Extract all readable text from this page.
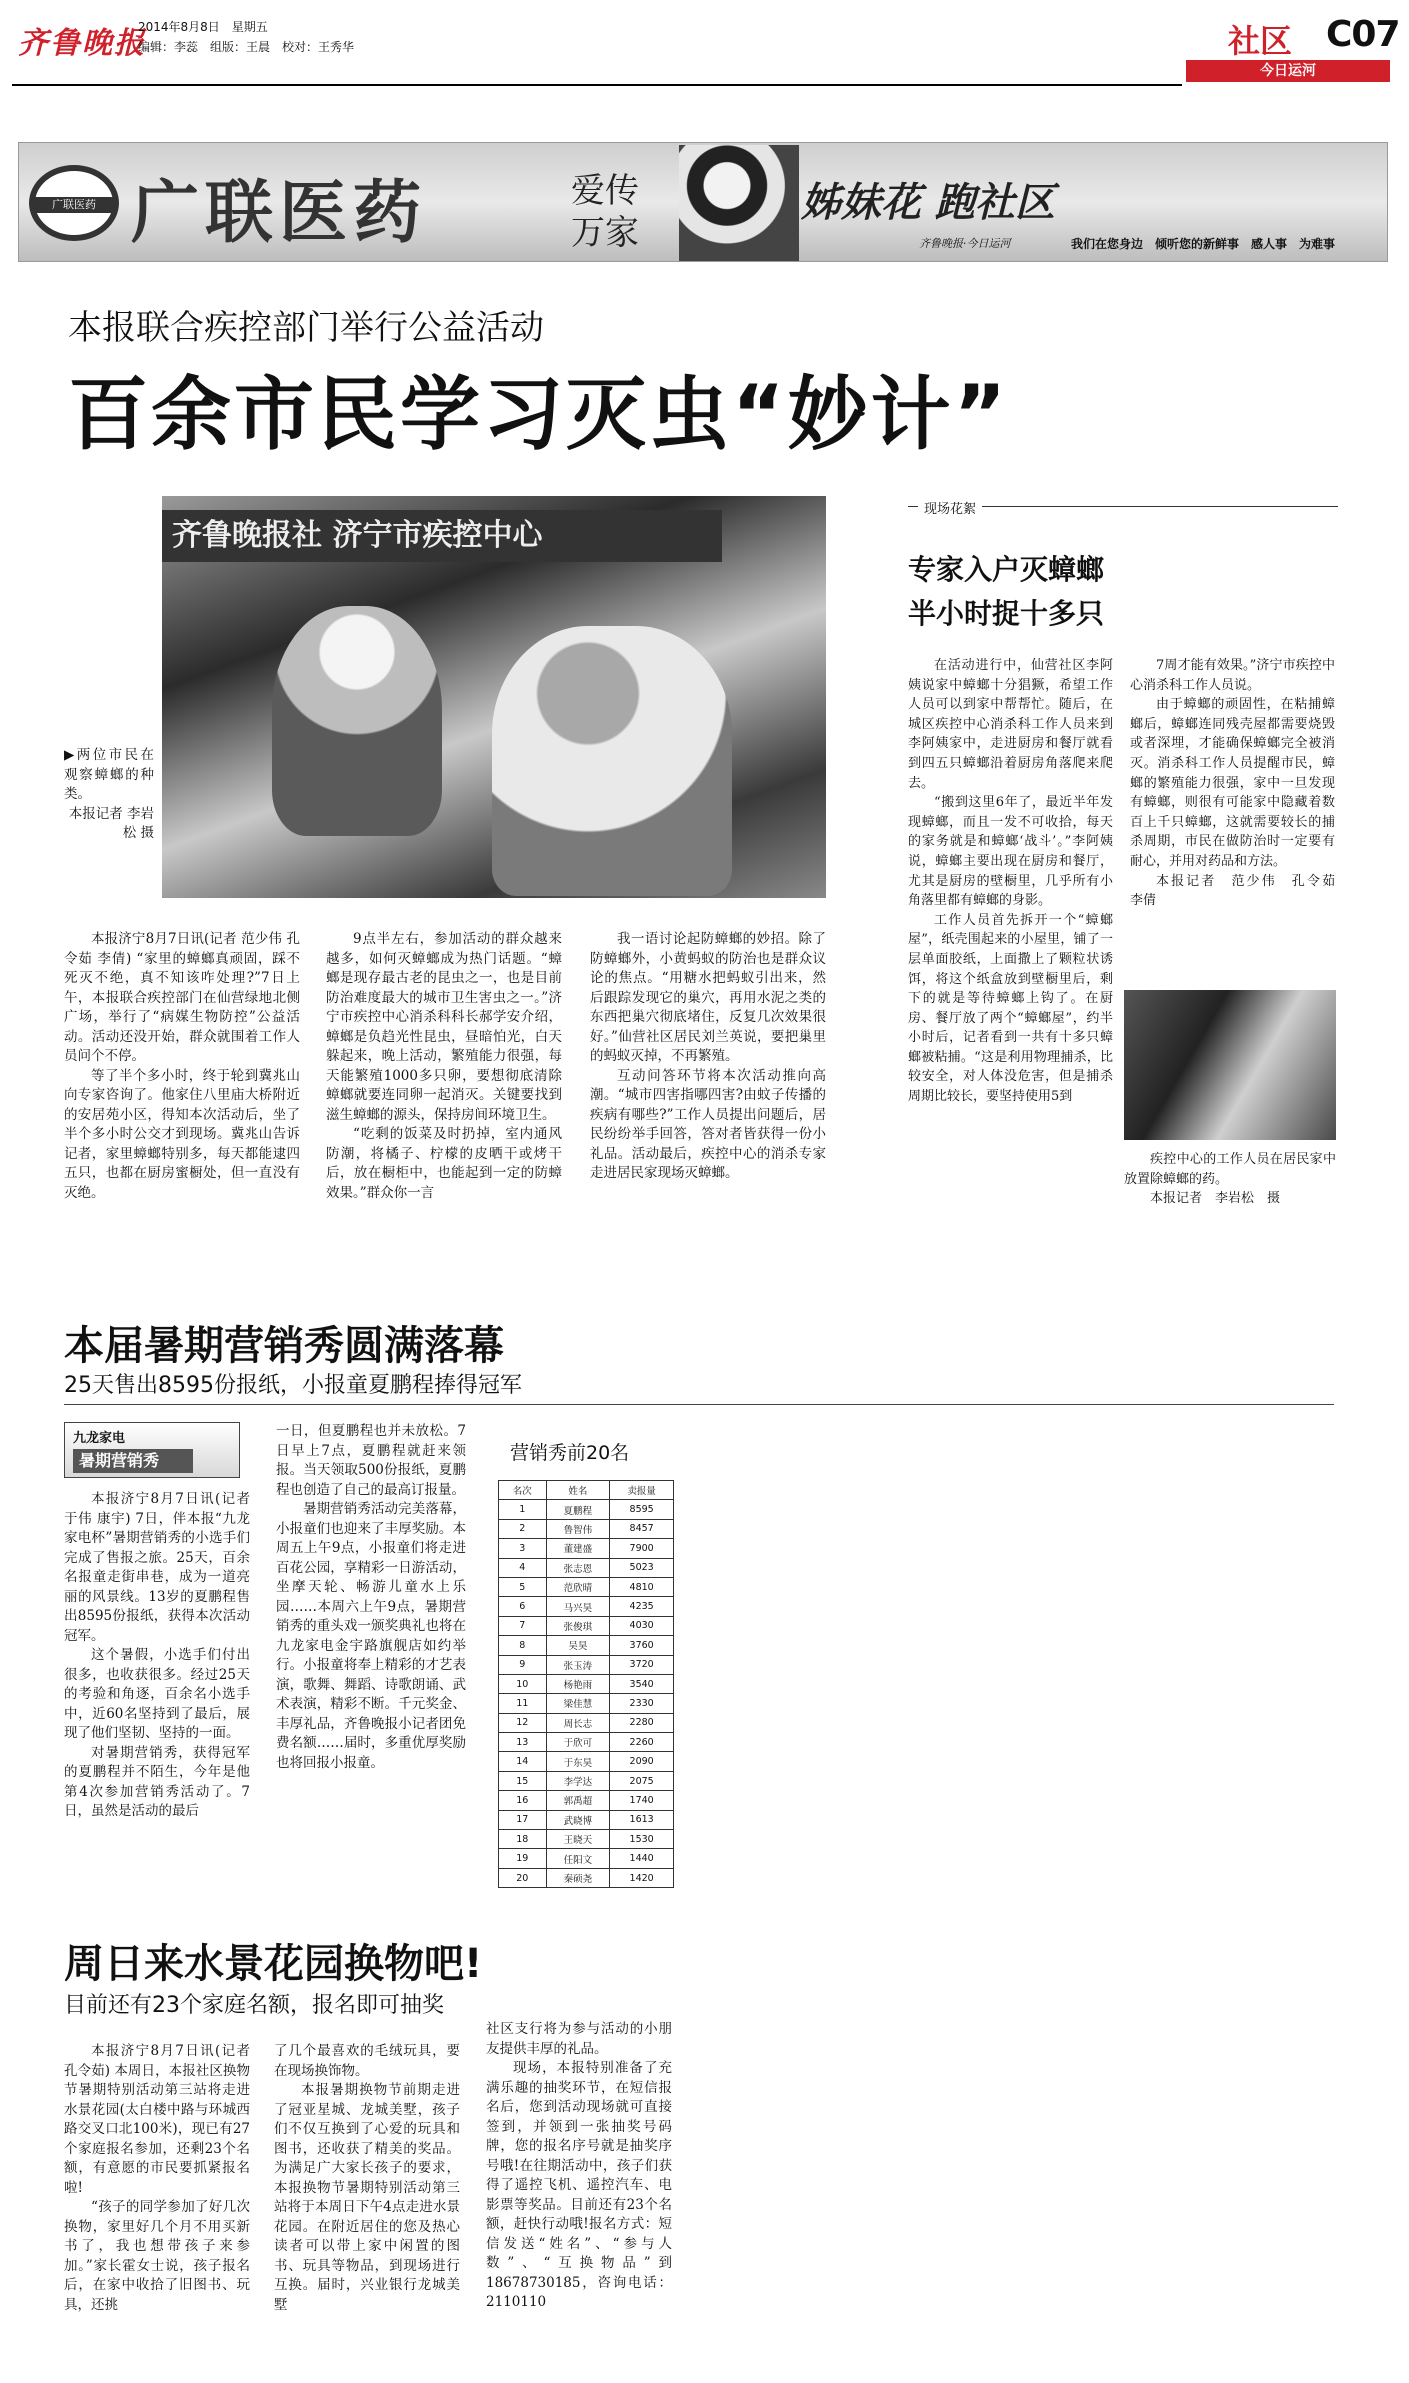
齐鲁晚报
2014年8月8日　星期五
编辑：李蕊　组版：王晨　校对：王秀华	社区 C07
今日运河
广联医药 广联医药	爱传
万家
姊妹花 跑社区
齐鲁晚报·今日运河	我们在您身边　倾听您的新鲜事　感人事　为难事
本报联合疾控部门举行公益活动
百余市民学习灭虫“妙计”
齐鲁晚报社 济宁市疾控中心
▶两位市民在观察蟑螂的种类。
本报记者 李岩松 摄

本报济宁8月7日讯(记者 范少伟 孔令茹 李倩) “家里的蟑螂真顽固，踩不死灭不绝，真不知该咋处理?”7日上午，本报联合疾控部门在仙营绿地北侧广场，举行了“病媒生物防控”公益活动。活动还没开始，群众就围着工作人员问个不停。

等了半个多小时，终于轮到冀兆山向专家咨询了。他家住八里庙大桥附近的安居苑小区，得知本次活动后，坐了半个多小时公交才到现场。冀兆山告诉记者，家里蟑螂特别多，每天都能逮四五只，也都在厨房蜜橱处，但一直没有灭绝。

9点半左右，参加活动的群众越来越多，如何灭蟑螂成为热门话题。“蟑螂是现存最古老的昆虫之一，也是目前防治难度最大的城市卫生害虫之一。”济宁市疾控中心消杀科科长郝学安介绍，蟑螂是负趋光性昆虫，昼暗怕光，白天躲起来，晚上活动，繁殖能力很强，每天能繁殖1000多只卵，要想彻底清除蟑螂就要连同卵一起消灭。关键要找到滋生蟑螂的源头，保持房间环境卫生。

“吃剩的饭菜及时扔掉，室内通风防潮，将橘子、柠檬的皮晒干或烤干后，放在橱柜中，也能起到一定的防蟑效果。”群众你一言

我一语讨论起防蟑螂的妙招。除了防蟑螂外，小黄蚂蚁的防治也是群众议论的焦点。“用糖水把蚂蚁引出来，然后跟踪发现它的巢穴，再用水泥之类的东西把巢穴彻底堵住，反复几次效果很好。”仙营社区居民刘兰英说，要把巢里的蚂蚁灭掉，不再繁殖。

互动问答环节将本次活动推向高潮。“城市四害指哪四害?由蚊子传播的疾病有哪些?”工作人员提出问题后，居民纷纷举手回答，答对者皆获得一份小礼品。活动最后，疾控中心的消杀专家走进居民家现场灭蟑螂。

现场花絮
专家入户灭蟑螂
半小时捉十多只

在活动进行中，仙营社区李阿姨说家中蟑螂十分猖獗，希望工作人员可以到家中帮帮忙。随后，在城区疾控中心消杀科工作人员来到李阿姨家中，走进厨房和餐厅就看到四五只蟑螂沿着厨房角落爬来爬去。

“搬到这里6年了，最近半年发现蟑螂，而且一发不可收拾，每天的家务就是和蟑螂‘战斗’。”李阿姨说，蟑螂主要出现在厨房和餐厅，尤其是厨房的壁橱里，几乎所有小角落里都有蟑螂的身影。

工作人员首先拆开一个“蟑螂屋”，纸壳围起来的小屋里，铺了一层单面胶纸，上面撒上了颗粒状诱饵，将这个纸盒放到壁橱里后，剩下的就是等待蟑螂上钩了。在厨房、餐厅放了两个“蟑螂屋”，约半小时后，记者看到一共有十多只蟑螂被粘捕。“这是利用物理捕杀，比较安全，对人体没危害，但是捕杀周期比较长，要坚持使用5到

7周才能有效果。”济宁市疾控中心消杀科工作人员说。

由于蟑螂的顽固性，在粘捕蟑螂后，蟑螂连同残壳屋都需要烧毁或者深埋，才能确保蟑螂完全被消灭。消杀科工作人员提醒市民，蟑螂的繁殖能力很强，家中一旦发现有蟑螂，则很有可能家中隐藏着数百上千只蟑螂，这就需要较长的捕杀周期，市民在做防治时一定要有耐心，并用对药品和方法。

本报记者　范少伟　孔令茹　李倩

疾控中心的工作人员在居民家中放置除蟑螂的药。

本报记者　李岩松　摄
本届暑期营销秀圆满落幕
25天售出8595份报纸，小报童夏鹏程捧得冠军
九龙家电
暑期营销秀

本报济宁8月7日讯(记者 于伟 康宇) 7日，伴本报“九龙家电杯”暑期营销秀的小选手们完成了售报之旅。25天，百余名报童走街串巷，成为一道亮丽的风景线。13岁的夏鹏程售出8595份报纸，获得本次活动冠军。

这个暑假，小选手们付出很多，也收获很多。经过25天的考验和角逐，百余名小选手中，近60名坚持到了最后，展现了他们坚韧、坚持的一面。

对暑期营销秀，获得冠军的夏鹏程并不陌生，今年是他第4次参加营销秀活动了。7日，虽然是活动的最后

一日，但夏鹏程也并未放松。7日早上7点，夏鹏程就赶来领报。当天领取500份报纸，夏鹏程也创造了自己的最高订报量。

暑期营销秀活动完美落幕，小报童们也迎来了丰厚奖励。本周五上午9点，小报童们将走进百花公园，享精彩一日游活动，坐摩天轮、畅游儿童水上乐园……本周六上午9点，暑期营销秀的重头戏一颁奖典礼也将在九龙家电金宇路旗舰店如约举行。小报童将奉上精彩的才艺表演，歌舞、舞蹈、诗歌朗诵、武术表演，精彩不断。千元奖金、丰厚礼品，齐鲁晚报小记者团免费名额……届时，多重优厚奖励也将回报小报童。

营销秀前20名
名次	姓名	卖报量
1	夏鹏程	8595
2	鲁智伟	8457
3	董建盛	7900
4	张志恩	5023
5	范欣晴	4810
6	马兴昊	4235
7	张俊琪	4030
8	吴昊	3760
9	张玉涛	3720
10	杨艳雨	3540
11	梁佳慧	2330
12	周长志	2280
13	于欣可	2260
14	于东昊	2090
15	李学达	2075
16	郭禹超	1740
17	武晓博	1613
18	王晓天	1530
19	任阳文	1440
20	秦硕尧	1420
周日来水景花园换物吧!
目前还有23个家庭名额，报名即可抽奖

本报济宁8月7日讯(记者 孔令茹) 本周日，本报社区换物节暑期特别活动第三站将走进水景花园(太白楼中路与环城西路交叉口北100米)，现已有27个家庭报名参加，还剩23个名额，有意愿的市民要抓紧报名啦!

“孩子的同学参加了好几次换物，家里好几个月不用买新书了，我也想带孩子来参加。”家长霍女士说，孩子报名后，在家中收拾了旧图书、玩具，还挑

了几个最喜欢的毛绒玩具，要在现场换饰物。

本报暑期换物节前期走进了冠亚星城、龙城美墅，孩子们不仅互换到了心爱的玩具和图书，还收获了精美的奖品。为满足广大家长孩子的要求，本报换物节暑期特别活动第三站将于本周日下午4点走进水景花园。在附近居住的您及热心读者可以带上家中闲置的图书、玩具等物品，到现场进行互换。届时，兴业银行龙城美墅

社区支行将为参与活动的小朋友提供丰厚的礼品。

现场，本报特别准备了充满乐趣的抽奖环节，在短信报名后，您到活动现场就可直接签到，并领到一张抽奖号码牌，您的报名序号就是抽奖序号哦!在往期活动中，孩子们获得了遥控飞机、遥控汽车、电影票等奖品。目前还有23个名额，赶快行动哦!报名方式：短信发送“姓名”、“参与人数”、“互换物品”到18678730185，咨询电话：2110110
